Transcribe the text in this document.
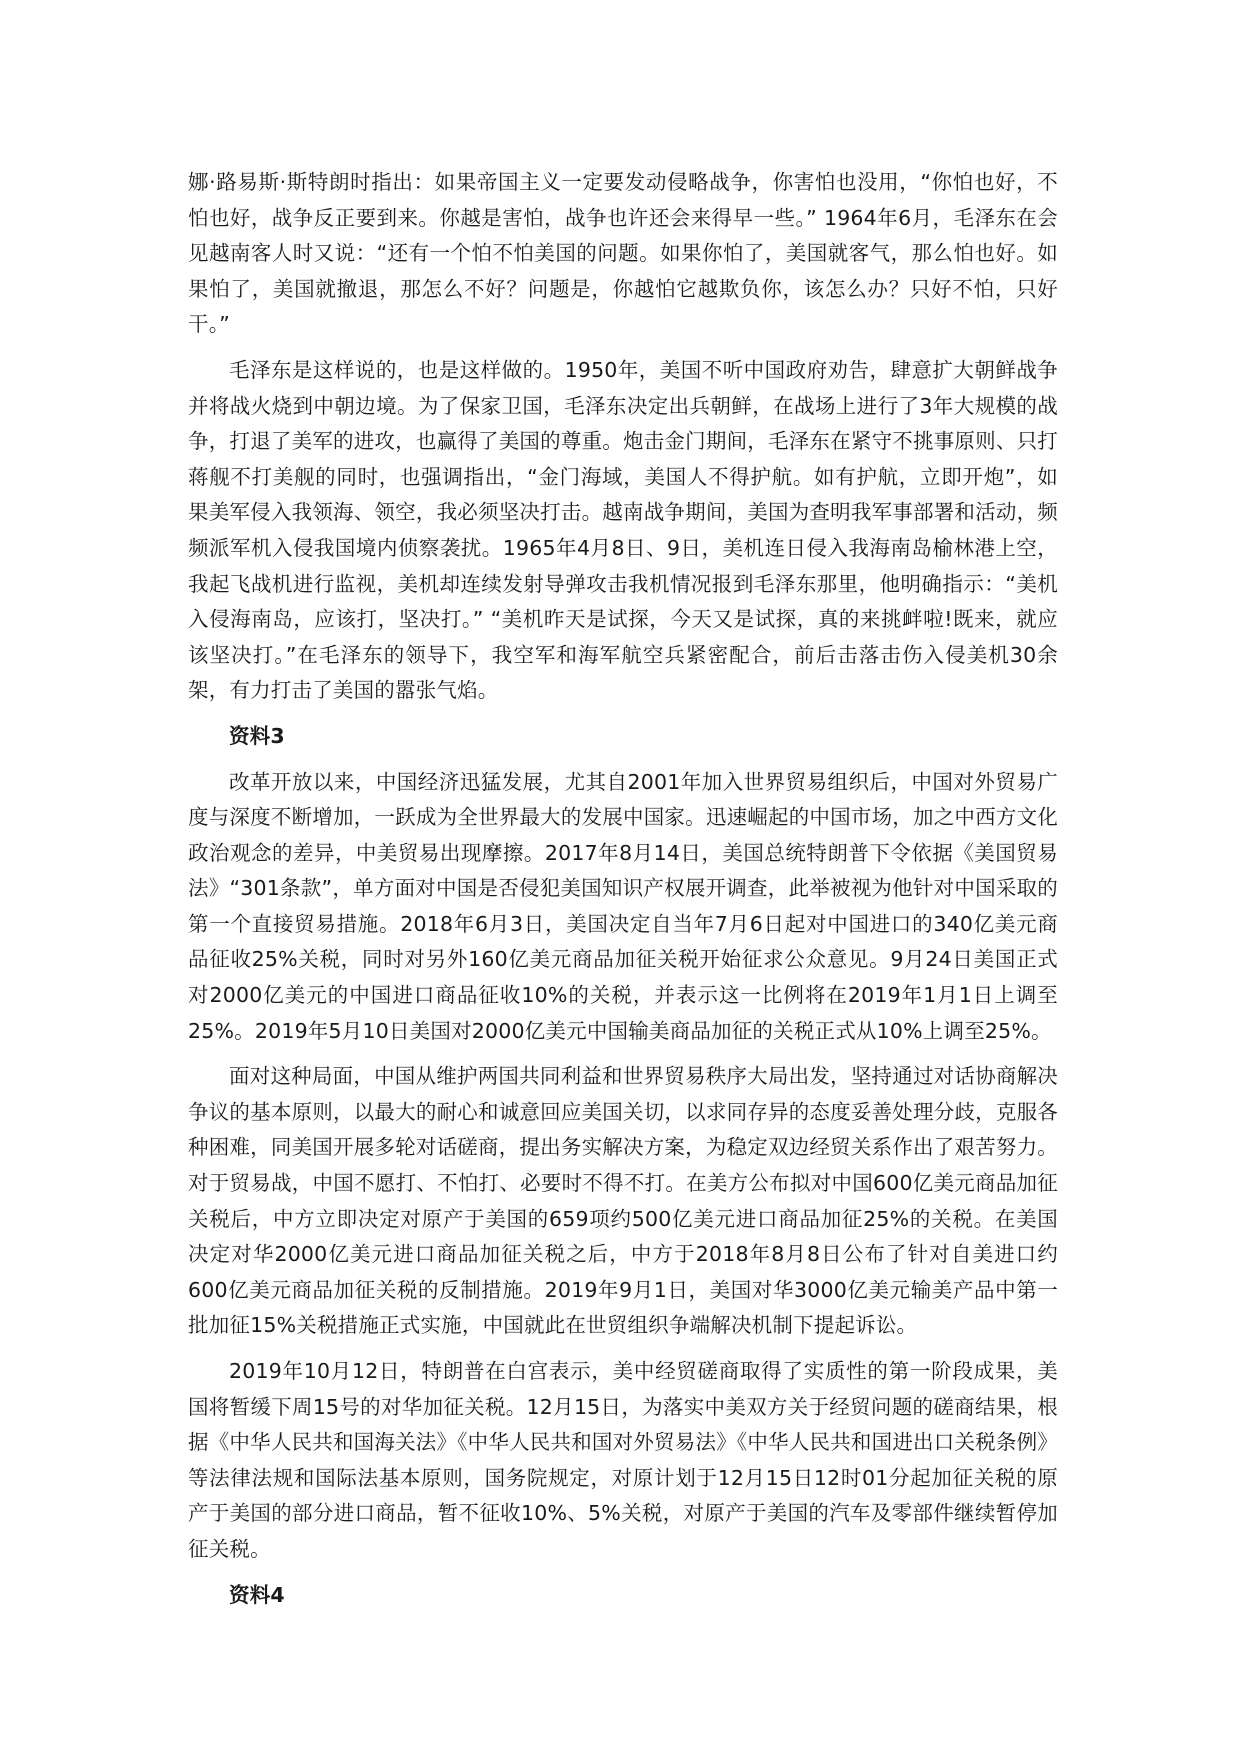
娜·路易斯·斯特朗时指出：如果帝国主义一定要发动侵略战争，你害怕也没用，“你怕也好，不怕也好，战争反正要到来。你越是害怕，战争也许还会来得早一些。” 1964年6月，毛泽东在会见越南客人时又说：“还有一个怕不怕美国的问题。如果你怕了，美国就客气，那么怕也好。如果怕了，美国就撤退，那怎么不好？问题是，你越怕它越欺负你，该怎么办？只好不怕，只好干。”

毛泽东是这样说的，也是这样做的。1950年，美国不听中国政府劝告，肆意扩大朝鲜战争并将战火烧到中朝边境。为了保家卫国，毛泽东决定出兵朝鲜，在战场上进行了3年大规模的战争，打退了美军的进攻，也赢得了美国的尊重。炮击金门期间，毛泽东在紧守不挑事原则、只打蒋舰不打美舰的同时，也强调指出，“金门海域，美国人不得护航。如有护航，立即开炮”，如果美军侵入我领海、领空，我必须坚决打击。越南战争期间，美国为查明我军事部署和活动，频频派军机入侵我国境内侦察袭扰。1965年4月8日、9日，美机连日侵入我海南岛榆林港上空，我起飞战机进行监视，美机却连续发射导弹攻击我机情况报到毛泽东那里，他明确指示：“美机入侵海南岛，应该打，坚决打。” “美机昨天是试探，今天又是试探，真的来挑衅啦!既来，就应该坚决打。”在毛泽东的领导下，我空军和海军航空兵紧密配合，前后击落击伤入侵美机30余架，有力打击了美国的嚣张气焰。

资料3

改革开放以来，中国经济迅猛发展，尤其自2001年加入世界贸易组织后，中国对外贸易广度与深度不断增加，一跃成为全世界最大的发展中国家。迅速崛起的中国市场，加之中西方文化政治观念的差异，中美贸易出现摩擦。2017年8月14日，美国总统特朗普下令依据《美国贸易法》“301条款”，单方面对中国是否侵犯美国知识产权展开调查，此举被视为他针对中国采取的第一个直接贸易措施。2018年6月3日，美国决定自当年7月6日起对中国进口的340亿美元商品征收25%关税，同时对另外160亿美元商品加征关税开始征求公众意见。9月24日美国正式对2000亿美元的中国进口商品征收10%的关税，并表示这一比例将在2019年1月1日上调至25%。2019年5月10日美国对2000亿美元中国输美商品加征的关税正式从10%上调至25%。

面对这种局面，中国从维护两国共同利益和世界贸易秩序大局出发，坚持通过对话协商解决争议的基本原则，以最大的耐心和诚意回应美国关切，以求同存异的态度妥善处理分歧，克服各种困难，同美国开展多轮对话磋商，提出务实解决方案，为稳定双边经贸关系作出了艰苦努力。对于贸易战，中国不愿打、不怕打、必要时不得不打。在美方公布拟对中国600亿美元商品加征关税后，中方立即决定对原产于美国的659项约500亿美元进口商品加征25%的关税。在美国决定对华2000亿美元进口商品加征关税之后，中方于2018年8月8日公布了针对自美进口约600亿美元商品加征关税的反制措施。2019年9月1日，美国对华3000亿美元输美产品中第一批加征15%关税措施正式实施，中国就此在世贸组织争端解决机制下提起诉讼。

2019年10月12日，特朗普在白宫表示，美中经贸磋商取得了实质性的第一阶段成果，美国将暂缓下周15号的对华加征关税。12月15日，为落实中美双方关于经贸问题的磋商结果，根据《中华人民共和国海关法》《中华人民共和国对外贸易法》《中华人民共和国进出口关税条例》等法律法规和国际法基本原则，国务院规定，对原计划于12月15日12时01分起加征关税的原产于美国的部分进口商品，暂不征收10%、5%关税，对原产于美国的汽车及零部件继续暂停加征关税。

资料4
